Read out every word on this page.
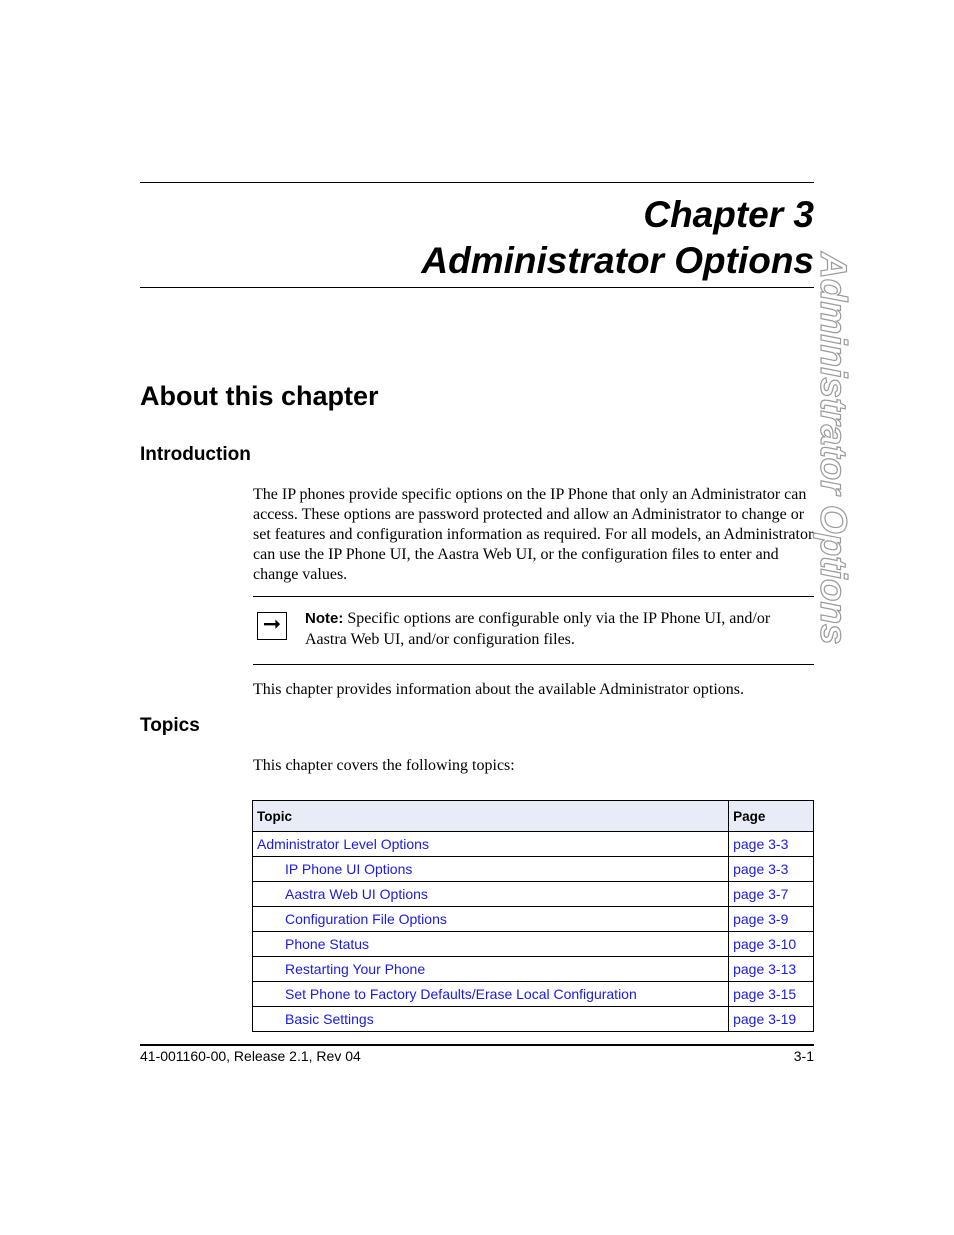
Chapter 3
Administrator Options Administrator Options
About this chapter
Introduction

The IP phones provide specific options on the IP Phone that only an Administrator can access. These options are password protected and allow an Administrator to change or set features and configuration information as required. For all models, an Administrator can use the IP Phone UI, the Aastra Web UI, or the configuration files to enter and change values.

➞	Note: Specific options are configurable only via the IP Phone UI, and/or Aastra Web UI, and/or configuration files.

This chapter provides information about the available Administrator options.

Topics

This chapter covers the following topics:

Topic	Page
Administrator Level Options	page 3-3
IP Phone UI Options	page 3-3
Aastra Web UI Options	page 3-7
Configuration File Options	page 3-9
Phone Status	page 3-10
Restarting Your Phone	page 3-13
Set Phone to Factory Defaults/Erase Local Configuration	page 3-15
Basic Settings	page 3-19
41-001160-00, Release 2.1, Rev 04	3-1
